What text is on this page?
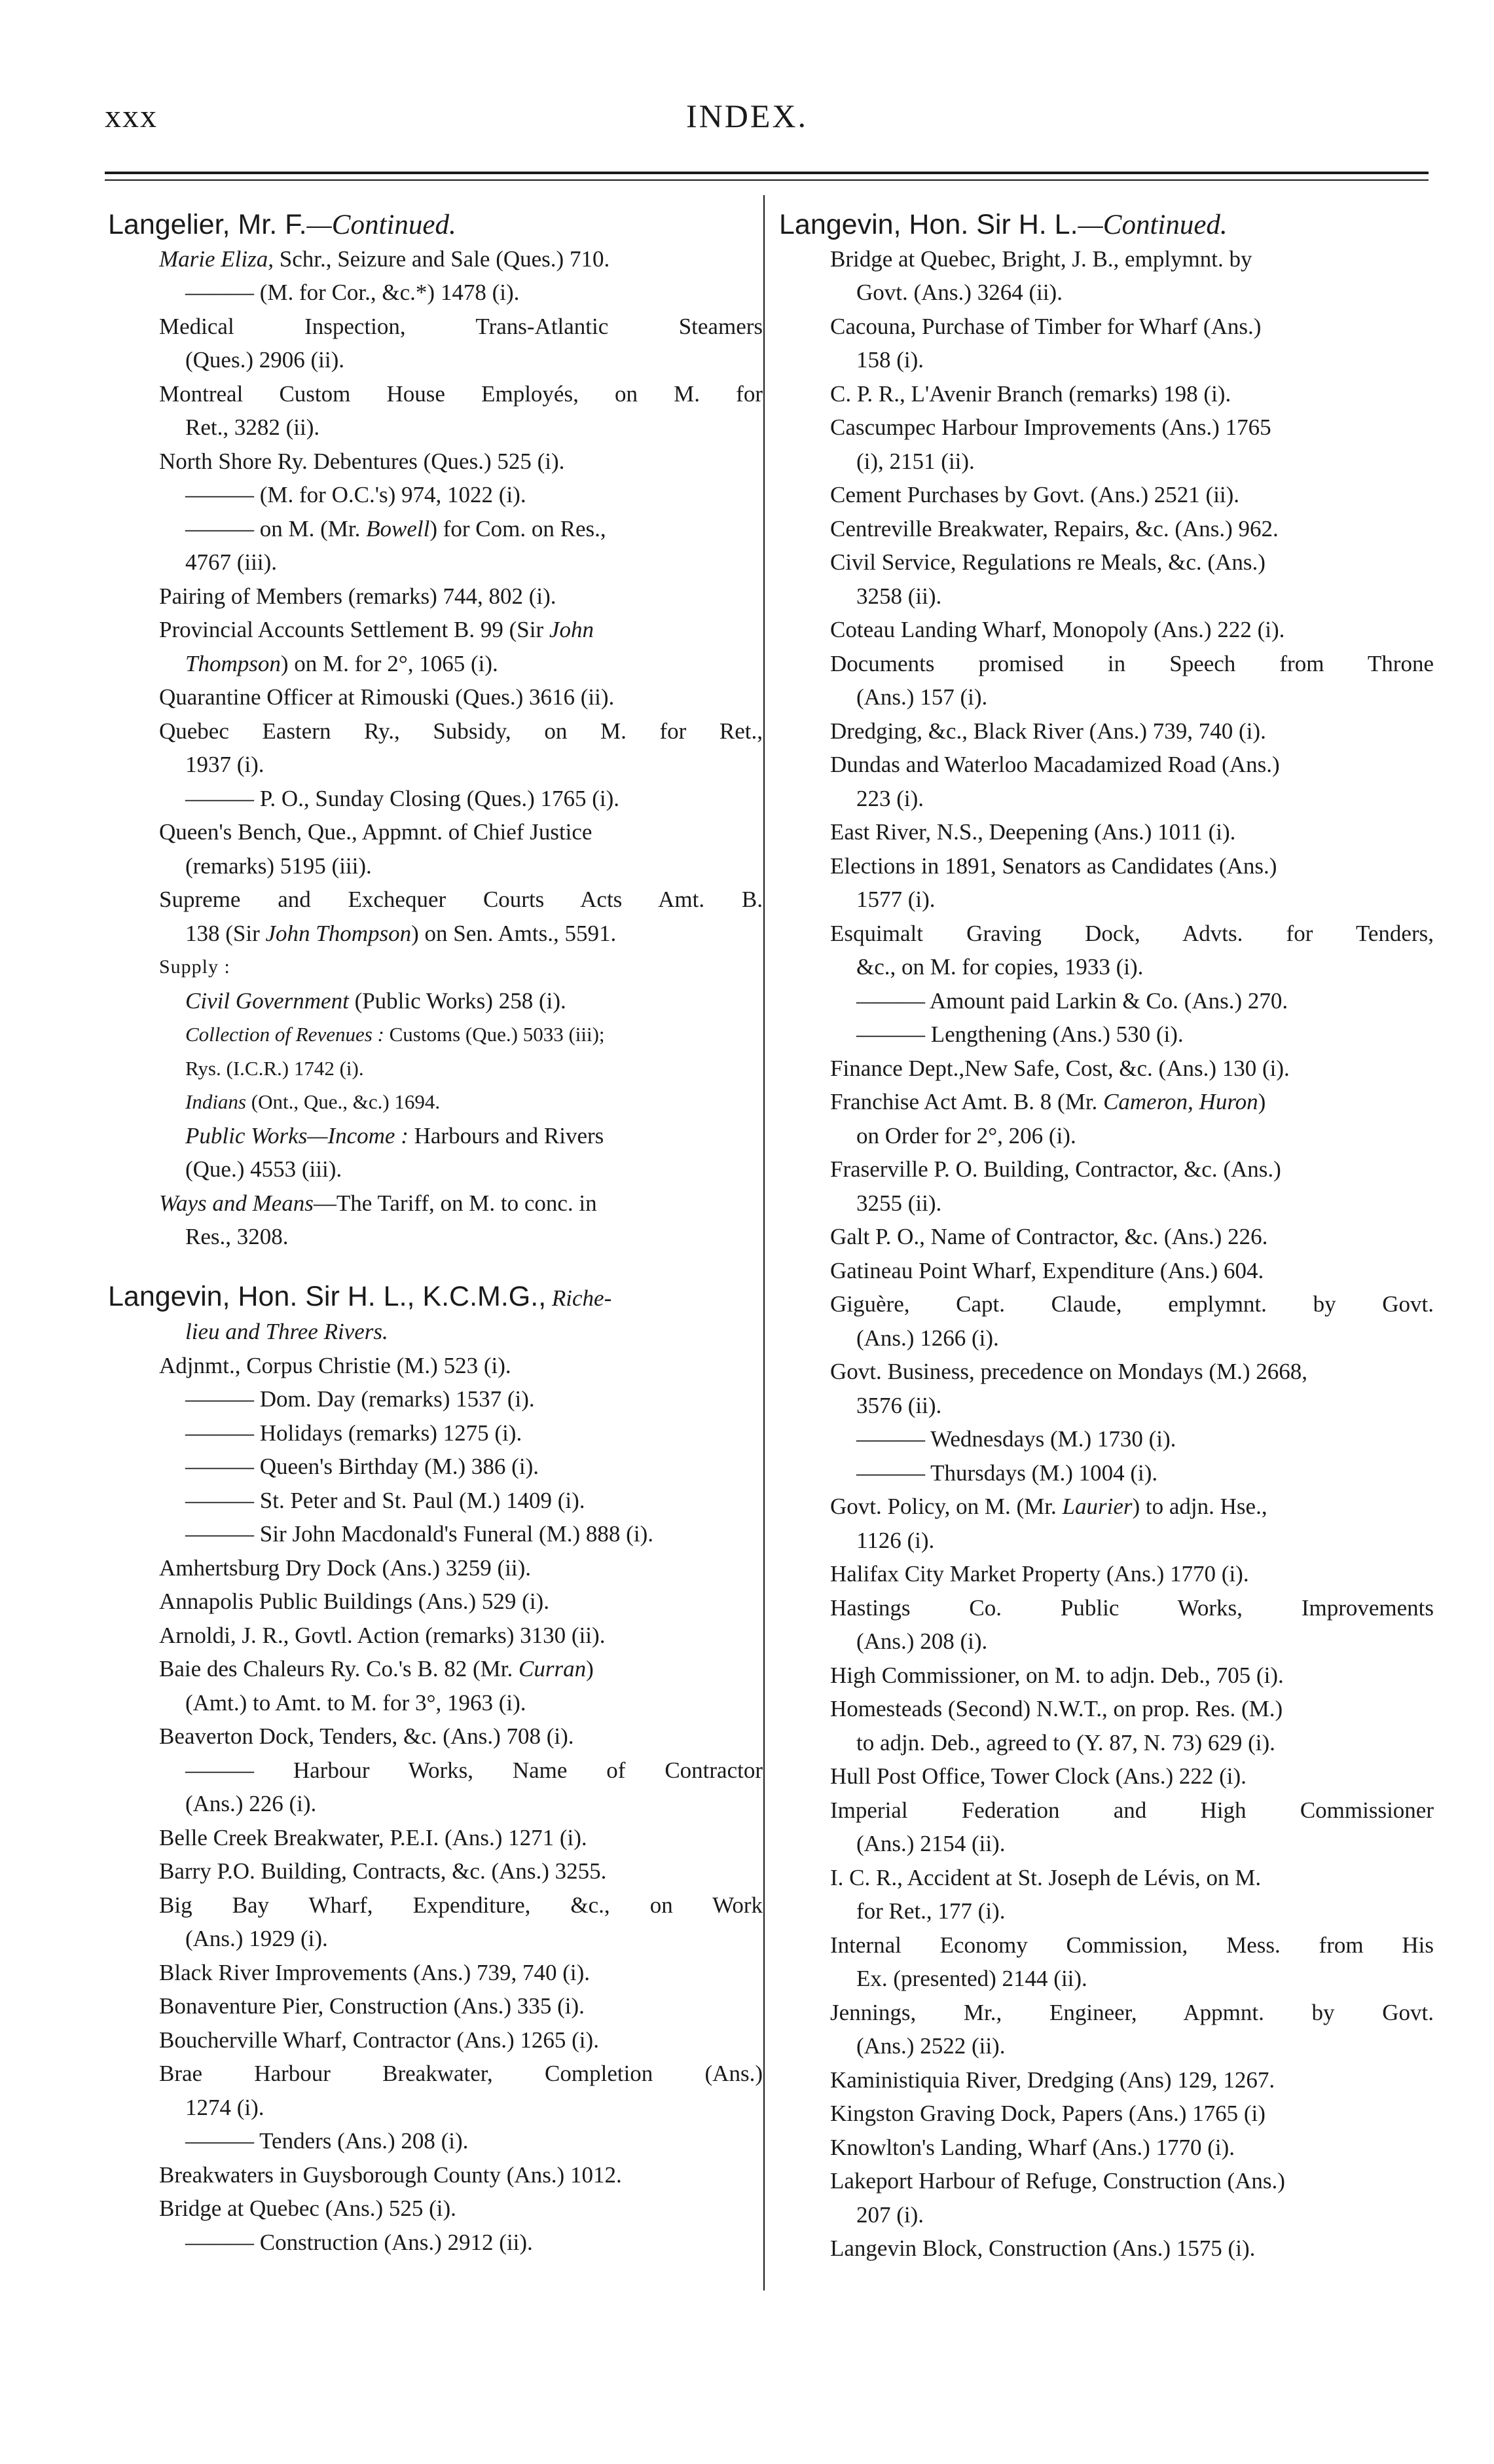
xxx	INDEX.
Langelier, Mr. F.—Continued.
Marie Eliza, Schr., Seizure and Sale (Ques.) 710.
——— (M. for Cor., &c.*) 1478 (i).
Medical Inspection, Trans-Atlantic Steamers
(Ques.) 2906 (ii).
Montreal Custom House Employés, on M. for
Ret., 3282 (ii).
North Shore Ry. Debentures (Ques.) 525 (i).
——— (M. for O.C.'s) 974, 1022 (i).
——— on M. (Mr. Bowell) for Com. on Res.,
4767 (iii).
Pairing of Members (remarks) 744, 802 (i).
Provincial Accounts Settlement B. 99 (Sir John
Thompson) on M. for 2°, 1065 (i).
Quarantine Officer at Rimouski (Ques.) 3616 (ii).
Quebec Eastern Ry., Subsidy, on M. for Ret.,
1937 (i).
——— P. O., Sunday Closing (Ques.) 1765 (i).
Queen's Bench, Que., Appmnt. of Chief Justice
(remarks) 5195 (iii).
Supreme and Exchequer Courts Acts Amt. B.
138 (Sir John Thompson) on Sen. Amts., 5591.
Supply :
Civil Government (Public Works) 258 (i).
Collection of Revenues : Customs (Que.) 5033 (iii);
Rys. (I.C.R.) 1742 (i).
Indians (Ont., Que., &c.) 1694.
Public Works—Income : Harbours and Rivers
(Que.) 4553 (iii).
Ways and Means—The Tariff, on M. to conc. in
Res., 3208.
Langevin, Hon. Sir H. L., K.C.M.G., Riche-
lieu and Three Rivers.
Adjnmt., Corpus Christie (M.) 523 (i).
——— Dom. Day (remarks) 1537 (i).
——— Holidays (remarks) 1275 (i).
——— Queen's Birthday (M.) 386 (i).
——— St. Peter and St. Paul (M.) 1409 (i).
——— Sir John Macdonald's Funeral (M.) 888 (i).
Amhertsburg Dry Dock (Ans.) 3259 (ii).
Annapolis Public Buildings (Ans.) 529 (i).
Arnoldi, J. R., Govtl. Action (remarks) 3130 (ii).
Baie des Chaleurs Ry. Co.'s B. 82 (Mr. Curran)
(Amt.) to Amt. to M. for 3°, 1963 (i).
Beaverton Dock, Tenders, &c. (Ans.) 708 (i).
——— Harbour Works, Name of Contractor
(Ans.) 226 (i).
Belle Creek Breakwater, P.E.I. (Ans.) 1271 (i).
Barry P.O. Building, Contracts, &c. (Ans.) 3255.
Big Bay Wharf, Expenditure, &c., on Work
(Ans.) 1929 (i).
Black River Improvements (Ans.) 739, 740 (i).
Bonaventure Pier, Construction (Ans.) 335 (i).
Boucherville Wharf, Contractor (Ans.) 1265 (i).
Brae Harbour Breakwater, Completion (Ans.)
1274 (i).
——— Tenders (Ans.) 208 (i).
Breakwaters in Guysborough County (Ans.) 1012.
Bridge at Quebec (Ans.) 525 (i).
——— Construction (Ans.) 2912 (ii).
Langevin, Hon. Sir H. L.—Continued.
Bridge at Quebec, Bright, J. B., emplymnt. by
Govt. (Ans.) 3264 (ii).
Cacouna, Purchase of Timber for Wharf (Ans.)
158 (i).
C. P. R., L'Avenir Branch (remarks) 198 (i).
Cascumpec Harbour Improvements (Ans.) 1765
(i), 2151 (ii).
Cement Purchases by Govt. (Ans.) 2521 (ii).
Centreville Breakwater, Repairs, &c. (Ans.) 962.
Civil Service, Regulations re Meals, &c. (Ans.)
3258 (ii).
Coteau Landing Wharf, Monopoly (Ans.) 222 (i).
Documents promised in Speech from Throne
(Ans.) 157 (i).
Dredging, &c., Black River (Ans.) 739, 740 (i).
Dundas and Waterloo Macadamized Road (Ans.)
223 (i).
East River, N.S., Deepening (Ans.) 1011 (i).
Elections in 1891, Senators as Candidates (Ans.)
1577 (i).
Esquimalt Graving Dock, Advts. for Tenders,
&c., on M. for copies, 1933 (i).
——— Amount paid Larkin & Co. (Ans.) 270.
——— Lengthening (Ans.) 530 (i).
Finance Dept.,New Safe, Cost, &c. (Ans.) 130 (i).
Franchise Act Amt. B. 8 (Mr. Cameron, Huron)
on Order for 2°, 206 (i).
Fraserville P. O. Building, Contractor, &c. (Ans.)
3255 (ii).
Galt P. O., Name of Contractor, &c. (Ans.) 226.
Gatineau Point Wharf, Expenditure (Ans.) 604.
Giguère, Capt. Claude, emplymnt. by Govt.
(Ans.) 1266 (i).
Govt. Business, precedence on Mondays (M.) 2668,
3576 (ii).
——— Wednesdays (M.) 1730 (i).
——— Thursdays (M.) 1004 (i).
Govt. Policy, on M. (Mr. Laurier) to adjn. Hse.,
1126 (i).
Halifax City Market Property (Ans.) 1770 (i).
Hastings Co. Public Works, Improvements
(Ans.) 208 (i).
High Commissioner, on M. to adjn. Deb., 705 (i).
Homesteads (Second) N.W.T., on prop. Res. (M.)
to adjn. Deb., agreed to (Y. 87, N. 73) 629 (i).
Hull Post Office, Tower Clock (Ans.) 222 (i).
Imperial Federation and High Commissioner
(Ans.) 2154 (ii).
I. C. R., Accident at St. Joseph de Lévis, on M.
for Ret., 177 (i).
Internal Economy Commission, Mess. from His
Ex. (presented) 2144 (ii).
Jennings, Mr., Engineer, Appmnt. by Govt.
(Ans.) 2522 (ii).
Kaministiquia River, Dredging (Ans) 129, 1267.
Kingston Graving Dock, Papers (Ans.) 1765 (i)
Knowlton's Landing, Wharf (Ans.) 1770 (i).
Lakeport Harbour of Refuge, Construction (Ans.)
207 (i).
Langevin Block, Construction (Ans.) 1575 (i).
